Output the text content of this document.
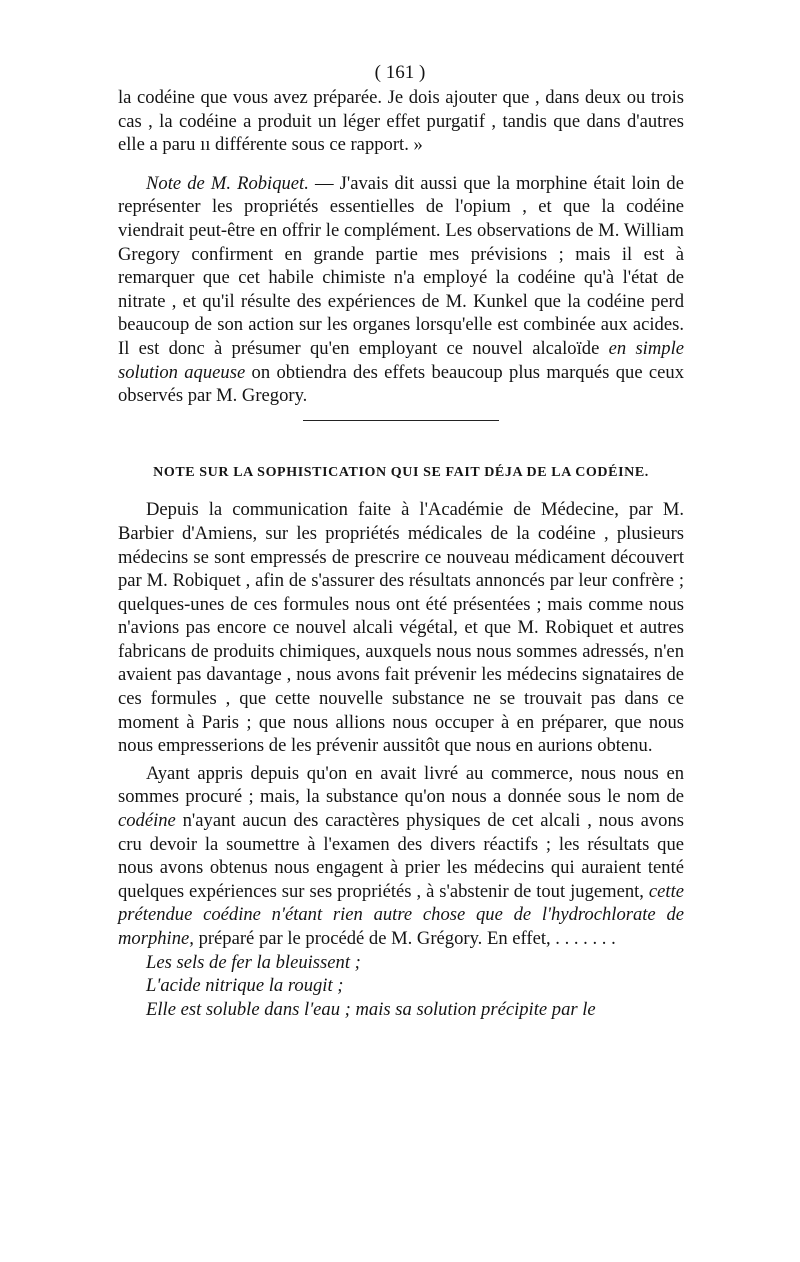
( 161 )

la codéine que vous avez préparée. Je dois ajouter que , dans deux ou trois cas , la codéine a produit un léger effet purgatif , tandis que dans d'autres elle a paru ıı différente sous ce rapport. »

Note de M. Robiquet. — J'avais dit aussi que la morphine était loin de représenter les propriétés essentielles de l'opium , et que la codéine viendrait peut-être en offrir le complément. Les observations de M. William Gregory confirment en grande partie mes prévisions ; mais il est à remarquer que cet habile chimiste n'a employé la codéine qu'à l'état de nitrate , et qu'il résulte des expériences de M. Kunkel que la codéine perd beaucoup de son action sur les organes lorsqu'elle est combinée aux acides. Il est donc à présumer qu'en employant ce nouvel alcaloïde en simple solution aqueuse on obtiendra des effets beaucoup plus marqués que ceux observés par M. Gregory.

NOTE SUR LA SOPHISTICATION QUI SE FAIT DÉJA DE LA CODÉINE.

Depuis la communication faite à l'Académie de Médecine, par M. Barbier d'Amiens, sur les propriétés médicales de la codéine , plusieurs médecins se sont empressés de prescrire ce nouveau médicament découvert par M. Robiquet , afin de s'assurer des résultats annoncés par leur confrère ; quelques-unes de ces formules nous ont été présentées ; mais comme nous n'avions pas encore ce nouvel alcali végétal, et que M. Robiquet et autres fabricans de produits chimiques, auxquels nous nous sommes adressés, n'en avaient pas davantage , nous avons fait prévenir les médecins signataires de ces formules , que cette nouvelle substance ne se trouvait pas dans ce moment à Paris ; que nous allions nous occuper à en préparer, que nous nous empresserions de les prévenir aussitôt que nous en aurions obtenu.

Ayant appris depuis qu'on en avait livré au commerce, nous nous en sommes procuré ; mais, la substance qu'on nous a donnée sous le nom de codéine n'ayant aucun des caractères physiques de cet alcali , nous avons cru devoir la soumettre à l'examen des divers réactifs ; les résultats que nous avons obtenus nous engagent à prier les médecins qui auraient tenté quelques expériences sur ses propriétés , à s'abstenir de tout jugement, cette prétendue coédine n'étant rien autre chose que de l'hydrochlorate de morphine, préparé par le procédé de M. Grégory. En effet, . . . . . . .

Les sels de fer la bleuissent ;

L'acide nitrique la rougit ;

Elle est soluble dans l'eau ; mais sa solution précipite par le
